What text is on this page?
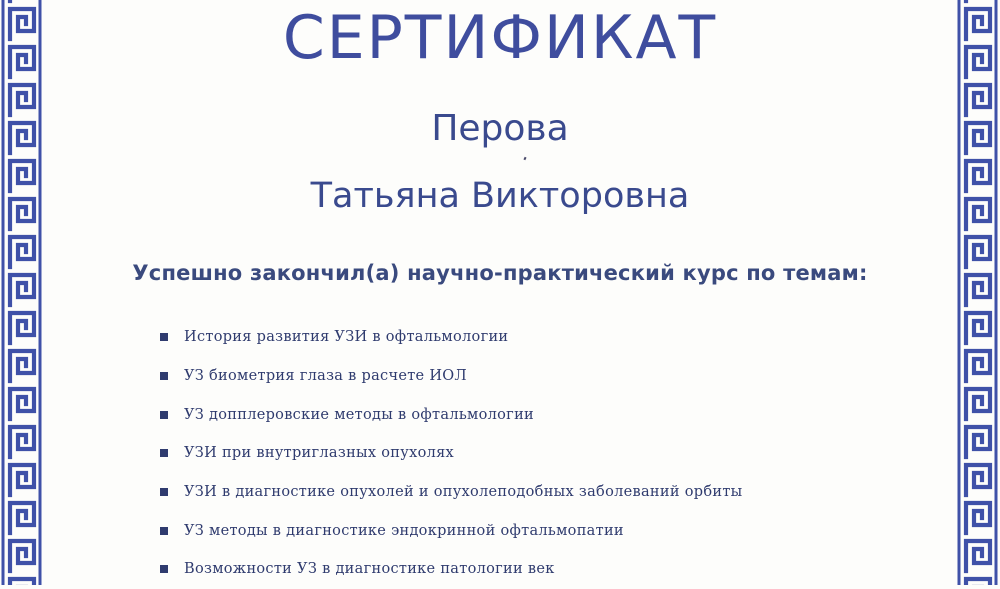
СЕРТИФИКАТ
Перова
Татьяна Викторовна
Успешно закончил(а) научно-практический курс по темам:
История развития УЗИ в офтальмологии
УЗ биометрия глаза в расчете ИОЛ
УЗ допплеровские методы в офтальмологии
УЗИ при внутриглазных опухолях
УЗИ в диагностике опухолей и опухолеподобных заболеваний орбиты
УЗ методы в диагностике эндокринной офтальмопатии
Возможности УЗ в диагностике патологии век
